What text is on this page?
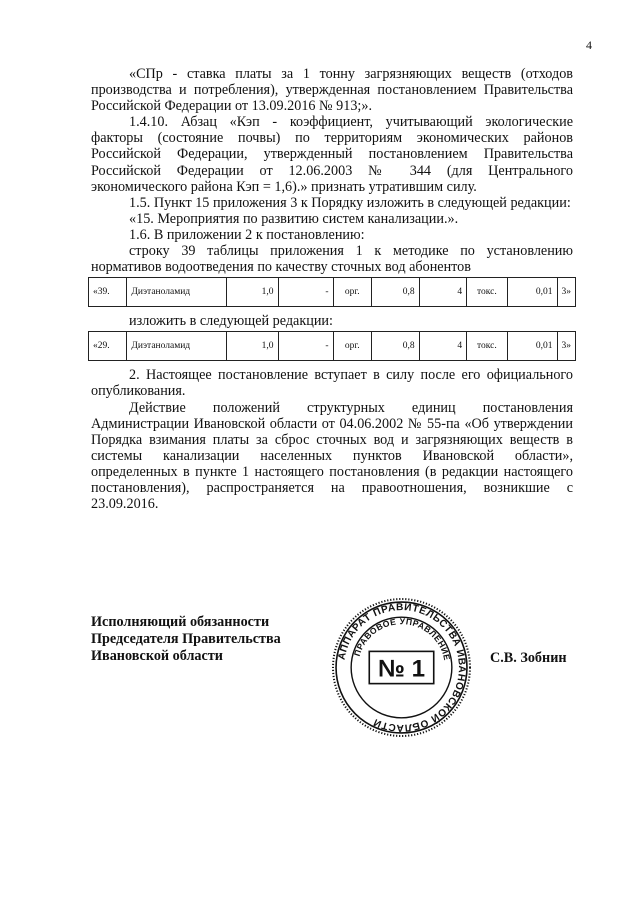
4

«СПр - ставка платы за 1 тонну загрязняющих веществ (отходов производства и потребления), утвержденная постановлением Правительства Российской Федерации от 13.09.2016 № 913;».

1.4.10. Абзац «Кэп - коэффициент, учитывающий экологические факторы (состояние почвы) по территориям экономических районов Российской Федерации, утвержденный постановлением Правительства Российской Федерации от 12.06.2003 № 344 (для Центрального экономического района Кэп = 1,6).» признать утратившим силу.

1.5. Пункт 15 приложения 3 к Порядку изложить в следующей редакции:

«15. Мероприятия по развитию систем канализации.».

1.6. В приложении 2 к постановлению:

строку 39 таблицы приложения 1 к методике по установлению нормативов водоотведения по качеству сточных вод абонентов

«39.	Диэтаноламид	1,0	-	орг.	0,8	4	токс.	0,01	3»

изложить в следующей редакции:

«29.	Диэтаноламид	1,0	-	орг.	0,8	4	токс.	0,01	3»

2. Настоящее постановление вступает в силу после его официального опубликования.

Действие положений структурных единиц постановления Администрации Ивановской области от 04.06.2002 № 55-па «Об утверждении Порядка взимания платы за сброс сточных вод и загрязняющих веществ в системы канализации населенных пунктов Ивановской области», определенных в пункте 1 настоящего постановления (в редакции настоящего постановления), распространяется на правоотношения, возникшие с 23.09.2016.

Исполняющий обязанности
Председателя Правительства
Ивановской области	АППАРАТ ПРАВИТЕЛЬСТВА ИВАНОВСКОЙ ОБЛАСТИ
ПРАВОВОЕ УПРАВЛЕНИЕ
№ 1	С.В. Зобнин
